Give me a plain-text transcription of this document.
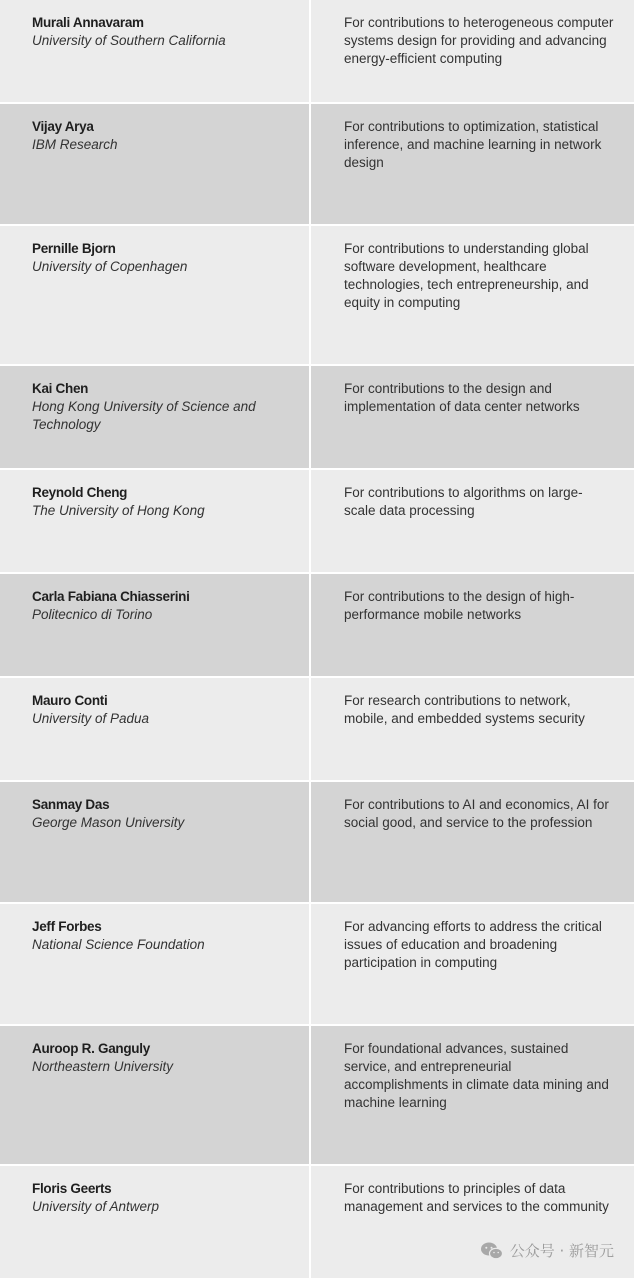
Murali Annavaram
University of Southern California
For contributions to heterogeneous computer systems design for providing and advancing energy-efficient computing
Vijay Arya
IBM Research
For contributions to optimization, statistical inference, and machine learning in network design
Pernille Bjorn
University of Copenhagen
For contributions to understanding global software development, healthcare technologies, tech entrepreneurship, and equity in computing
Kai Chen
Hong Kong University of Science and Technology
For contributions to the design and implementation of data center networks
Reynold Cheng
The University of Hong Kong
For contributions to algorithms on large-scale data processing
Carla Fabiana Chiasserini
Politecnico di Torino
For contributions to the design of high-performance mobile networks
Mauro Conti
University of Padua
For research contributions to network, mobile, and embedded systems security
Sanmay Das
George Mason University
For contributions to AI and economics, AI for social good, and service to the profession
Jeff Forbes
National Science Foundation
For advancing efforts to address the critical issues of education and broadening participation in computing
Auroop R. Ganguly
Northeastern University
For foundational advances, sustained service, and entrepreneurial accomplishments in climate data mining and machine learning
Floris Geerts
University of Antwerp
For contributions to principles of data management and services to the community
公众号 · 新智元
